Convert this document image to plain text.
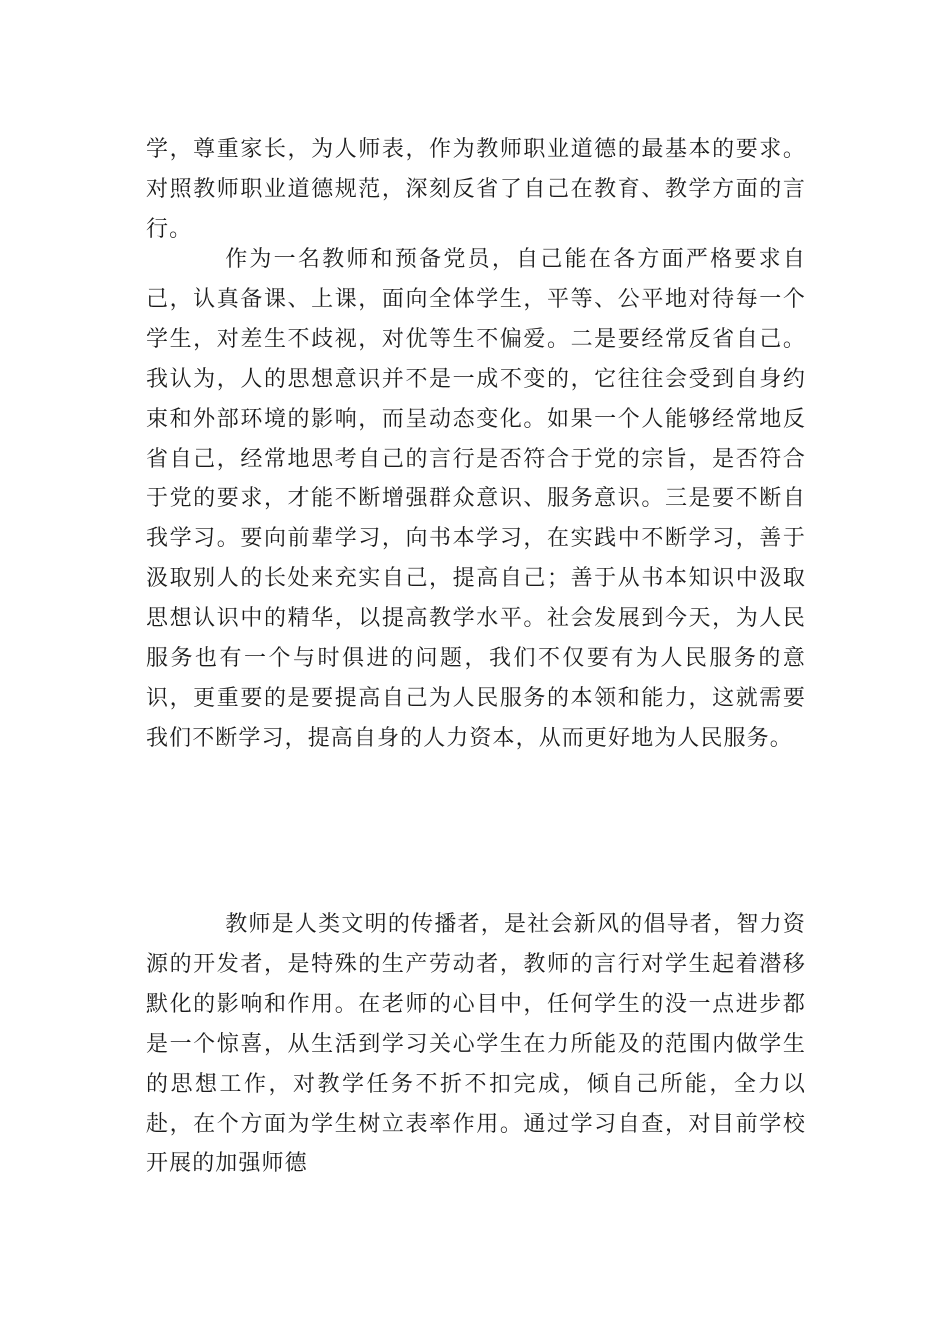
学，尊重家长，为人师表，作为教师职业道德的最基本的要求。对照教师职业道德规范，深刻反省了自己在教育、教学方面的言行。

作为一名教师和预备党员，自己能在各方面严格要求自己，认真备课、上课，面向全体学生，平等、公平地对待每一个学生，对差生不歧视，对优等生不偏爱。二是要经常反省自己。我认为，人的思想意识并不是一成不变的，它往往会受到自身约束和外部环境的影响，而呈动态变化。如果一个人能够经常地反省自己，经常地思考自己的言行是否符合于党的宗旨，是否符合于党的要求，才能不断增强群众意识、服务意识。三是要不断自我学习。要向前辈学习，向书本学习，在实践中不断学习，善于汲取别人的长处来充实自己，提高自己；善于从书本知识中汲取思想认识中的精华，以提高教学水平。社会发展到今天，为人民服务也有一个与时俱进的问题，我们不仅要有为人民服务的意识，更重要的是要提高自己为人民服务的本领和能力，这就需要我们不断学习，提高自身的人力资本，从而更好地为人民服务。

教师是人类文明的传播者，是社会新风的倡导者，智力资源的开发者，是特殊的生产劳动者，教师的言行对学生起着潜移默化的影响和作用。在老师的心目中，任何学生的没一点进步都是一个惊喜，从生活到学习关心学生在力所能及的范围内做学生的思想工作，对教学任务不折不扣完成，倾自己所能，全力以赴，在个方面为学生树立表率作用。通过学习自查，对目前学校开展的加强师德
